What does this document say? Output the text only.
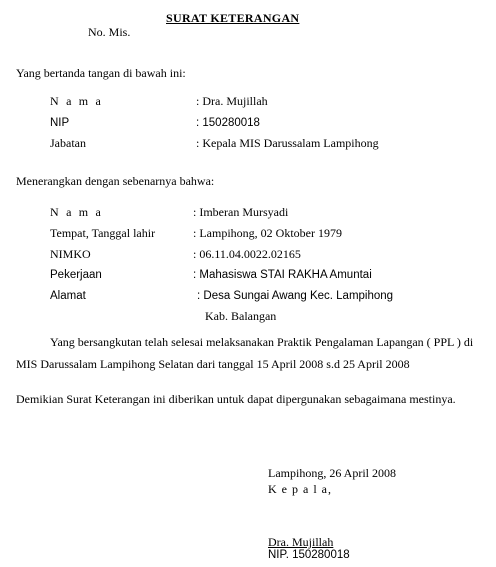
SURAT KETERANGAN
No. Mis.
Yang bertanda tangan di bawah ini:
N a m a	: Dra. Mujillah
NIP	: 150280018
Jabatan	: Kepala MIS Darussalam Lampihong
Menerangkan dengan sebenarnya bahwa:
N a m a	: Imberan Mursyadi
Tempat, Tanggal lahir	: Lampihong, 02 Oktober 1979
NIMKO	: 06.11.04.0022.02165
Pekerjaan	: Mahasiswa STAI RAKHA Amuntai
Alamat	: Desa Sungai Awang Kec. Lampihong
Kab. Balangan
Yang bersangkutan telah selesai melaksanakan Praktik Pengalaman Lapangan ( PPL ) di
MIS Darussalam Lampihong Selatan dari tanggal 15 April 2008 s.d 25 April 2008
Demikian Surat Keterangan ini diberikan untuk dapat dipergunakan sebagaimana mestinya.
Lampihong, 26 April 2008
K e p a l a,
Dra. Mujillah
NIP. 150280018
